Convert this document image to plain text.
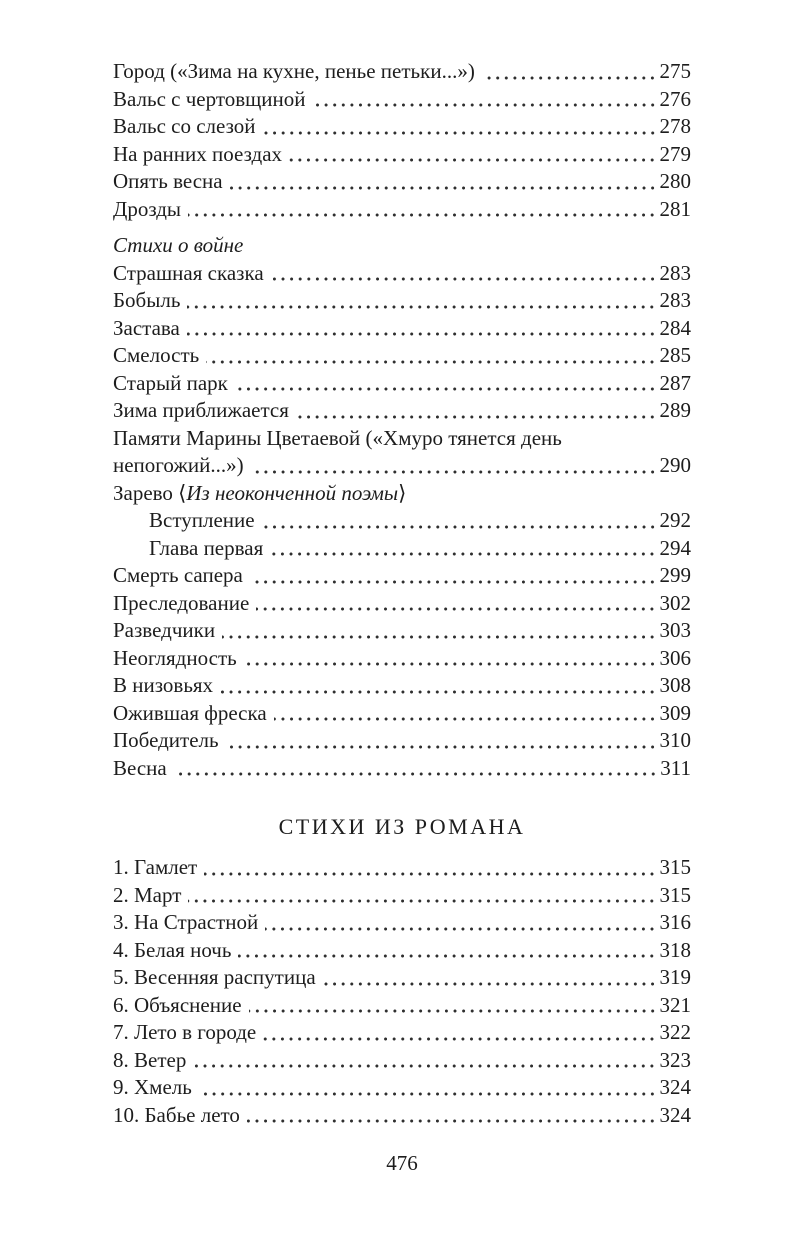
Город («Зима на кухне, пенье петьки...»)	275
Вальс с чертовщиной	276
Вальс со слезой	278
На ранних поездах	279
Опять весна	280
Дрозды	281
Стихи о войне
Страшная сказка	283
Бобыль	283
Застава	284
Смелость	285
Старый парк	287
Зима приближается	289
Памяти Марины Цветаевой («Хмуро тянется день
непогожий...»)	290
Зарево ⟨Из неоконченной поэмы⟩
Вступление	292
Глава первая	294
Смерть сапера	299
Преследование	302
Разведчики	303
Неоглядность	306
В низовьях	308
Ожившая фреска	309
Победитель	310
Весна	311
СТИХИ ИЗ РОМАНА
1. Гамлет	315
2. Март	315
3. На Страстной	316
4. Белая ночь	318
5. Весенняя распутица	319
6. Объяснение	321
7. Лето в городе	322
8. Ветер	323
9. Хмель	324
10. Бабье лето	324
476
